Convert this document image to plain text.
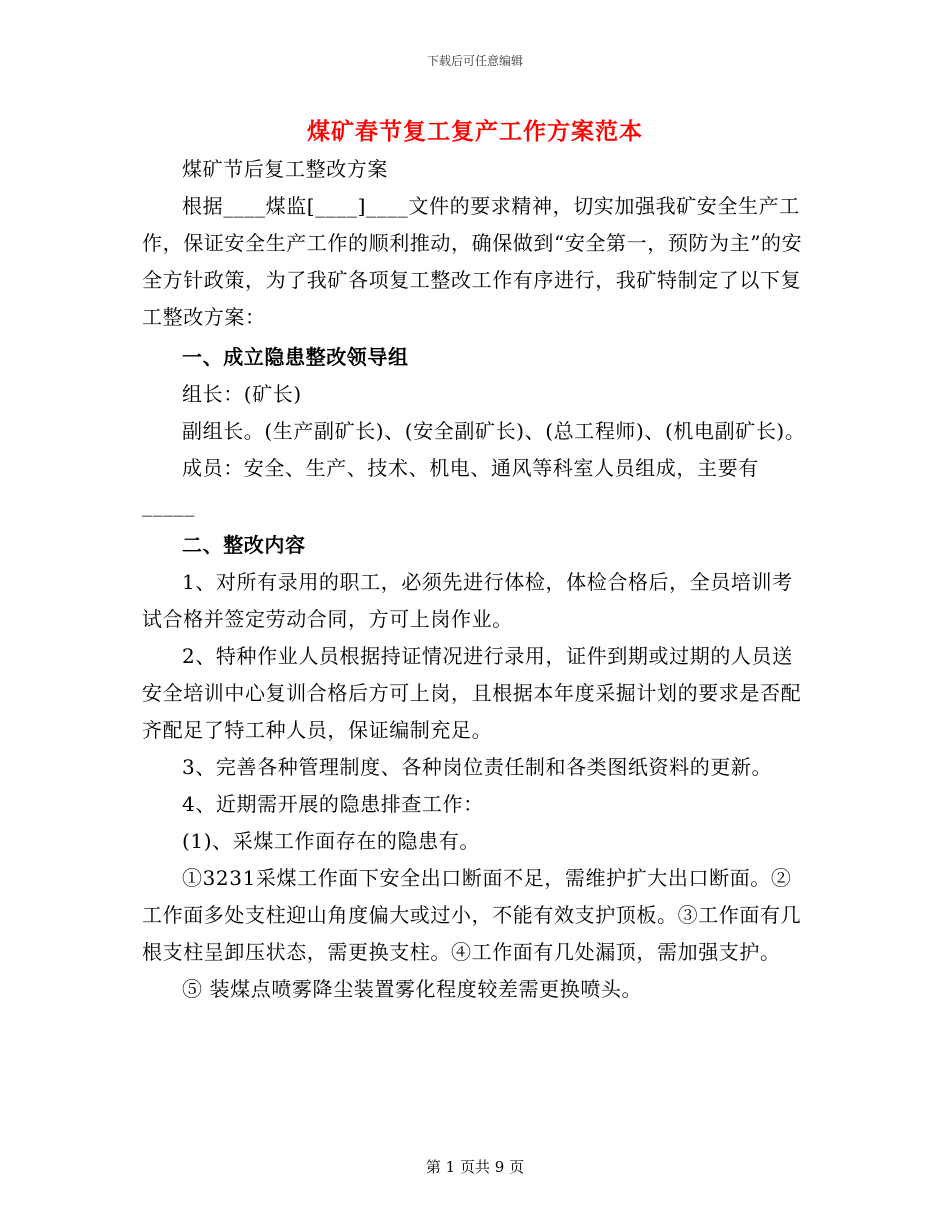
下载后可任意编辑
煤矿春节复工复产工作方案范本

煤矿节后复工整改方案

根据____煤监[____]____文件的要求精神，切实加强我矿安全生产工作，保证安全生产工作的顺利推动，确保做到“安全第一，预防为主”的安全方针政策，为了我矿各项复工整改工作有序进行，我矿特制定了以下复工整改方案：

一、成立隐患整改领导组

组长：(矿长)

副组长。(生产副矿长)、(安全副矿长)、(总工程师)、(机电副矿长)。

成员：安全、生产、技术、机电、通风等科室人员组成，主要有_____

二、整改内容

1、对所有录用的职工，必须先进行体检，体检合格后，全员培训考试合格并签定劳动合同，方可上岗作业。

2、特种作业人员根据持证情况进行录用，证件到期或过期的人员送安全培训中心复训合格后方可上岗，且根据本年度采掘计划的要求是否配齐配足了特工种人员，保证编制充足。

3、完善各种管理制度、各种岗位责任制和各类图纸资料的更新。

4、近期需开展的隐患排查工作：

(1)、采煤工作面存在的隐患有。

①3231采煤工作面下安全出口断面不足，需维护扩大出口断面。②工作面多处支柱迎山角度偏大或过小，不能有效支护顶板。③工作面有几根支柱呈卸压状态，需更换支柱。④工作面有几处漏顶，需加强支护。

⑤ 装煤点喷雾降尘装置雾化程度较差需更换喷头。

第 1 页共 9 页
